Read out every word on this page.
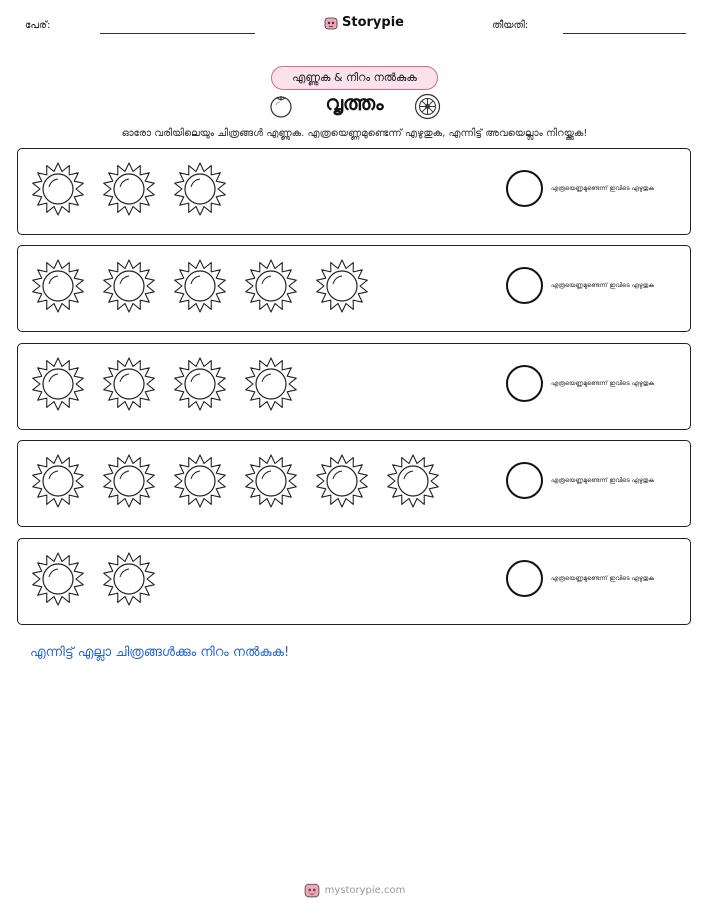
പേര്:	Storypie	തീയതി:
എണ്ണുക & നിറം നൽകുക
വൃത്തം
ഓരോ വരിയിലെയും ചിത്രങ്ങൾ എണ്ണുക. എത്രയെണ്ണമുണ്ടെന്ന് എഴുതുക, എന്നിട്ട് അവയെല്ലാം നിറയ്ക്കുക!
എത്രയെണ്ണമുണ്ടെന്ന് ഇവിടെ എഴുതുക
എത്രയെണ്ണമുണ്ടെന്ന് ഇവിടെ എഴുതുക
എത്രയെണ്ണമുണ്ടെന്ന് ഇവിടെ എഴുതുക
എത്രയെണ്ണമുണ്ടെന്ന് ഇവിടെ എഴുതുക
എത്രയെണ്ണമുണ്ടെന്ന് ഇവിടെ എഴുതുക
എന്നിട്ട് എല്ലാ ചിത്രങ്ങൾക്കും നിറം നൽകുക!
mystorypie.com
